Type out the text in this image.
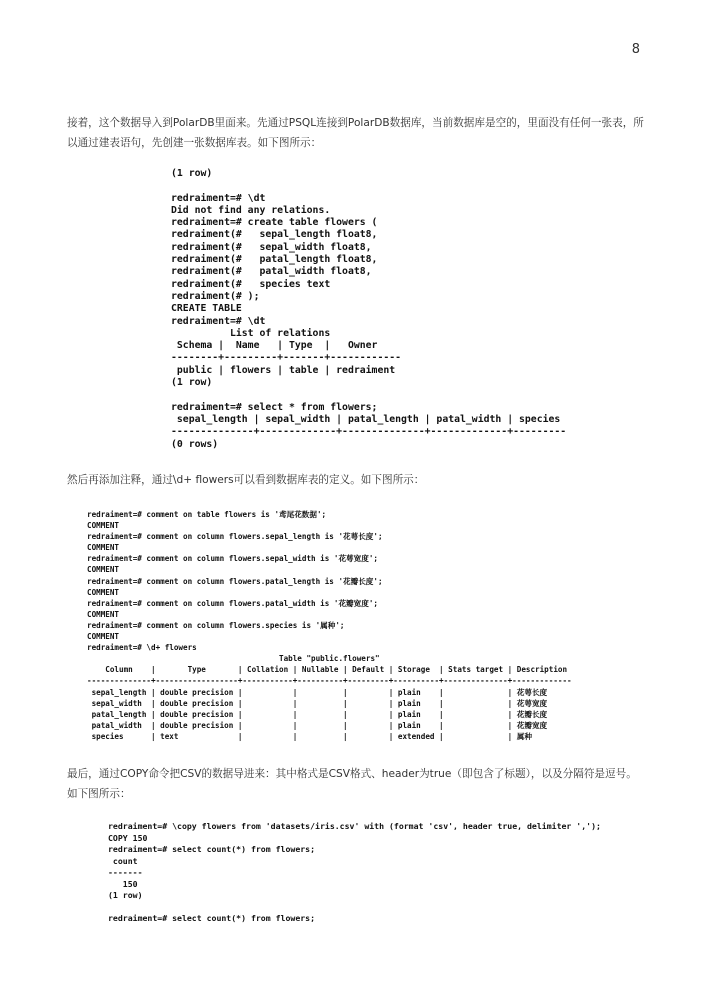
8

接着，这个数据导入到PolarDB里面来。先通过PSQL连接到PolarDB数据库，当前数据库是空的，里面没有任何一张表，所以通过建表语句，先创建一张数据库表。如下图所示：

(1 row)
redraiment=# \dt
Did not find any relations.
redraiment=# create table flowers (
redraiment(#   sepal_length float8,
redraiment(#   sepal_width float8,
redraiment(#   patal_length float8,
redraiment(#   patal_width float8,
redraiment(#   species text
redraiment(# );
CREATE TABLE
redraiment=# \dt
List of relations
Schema |  Name   | Type  |   Owner
--------+---------+-------+------------
public | flowers | table | redraiment
(1 row)
redraiment=# select * from flowers;
sepal_length | sepal_width | patal_length | patal_width | species
--------------+-------------+--------------+-------------+---------
(0 rows)

然后再添加注释，通过\d+ flowers可以看到数据库表的定义。如下图所示：

redraiment=# comment on table flowers is '鸢尾花数据';
COMMENT
redraiment=# comment on column flowers.sepal_length is '花萼长度';
COMMENT
redraiment=# comment on column flowers.sepal_width is '花萼宽度';
COMMENT
redraiment=# comment on column flowers.patal_length is '花瓣长度';
COMMENT
redraiment=# comment on column flowers.patal_width is '花瓣宽度';
COMMENT
redraiment=# comment on column flowers.species is '属种';
COMMENT
redraiment=# \d+ flowers
Table "public.flowers"
Column    |       Type       | Collation | Nullable | Default | Storage  | Stats target | Description
--------------+------------------+-----------+----------+---------+----------+--------------+-------------
sepal_length | double precision |           |          |         | plain    |              | 花萼长度
sepal_width  | double precision |           |          |         | plain    |              | 花萼宽度
patal_length | double precision |           |          |         | plain    |              | 花瓣长度
patal_width  | double precision |           |          |         | plain    |              | 花瓣宽度
species      | text             |           |          |         | extended |              | 属种

最后，通过COPY命令把CSV的数据导进来：其中格式是CSV格式、header为true（即包含了标题），以及分隔符是逗号。如下图所示：

redraiment=# \copy flowers from 'datasets/iris.csv' with (format 'csv', header true, delimiter ',');
COPY 150
redraiment=# select count(*) from flowers;
count
-------
150
(1 row)
redraiment=# select count(*) from flowers;
